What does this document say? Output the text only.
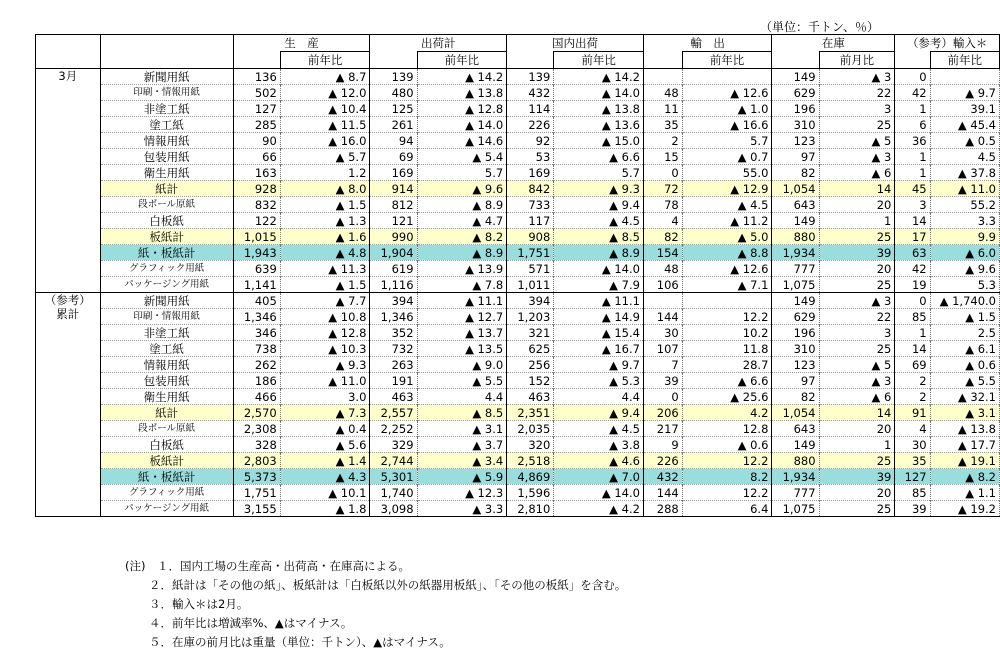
（単位：千トン、％）
		生　産		出荷計		国内出荷		輸　出		在庫		（参考）輸入＊	
			前年比		前年比		前年比		前年比		前月比		前年比

3月	新聞用紙	136	▲ 8.7	139	▲ 14.2	139	▲ 14.2			149	▲ 3	0	
	印刷・情報用紙	502	▲ 12.0	480	▲ 13.8	432	▲ 14.0	48	▲ 12.6	629	22	42	▲ 9.7
	非塗工紙	127	▲ 10.4	125	▲ 12.8	114	▲ 13.8	11	▲ 1.0	196	3	1	39.1
	塗工紙	285	▲ 11.5	261	▲ 14.0	226	▲ 13.6	35	▲ 16.6	310	25	6	▲ 45.4
	情報用紙	90	▲ 16.0	94	▲ 14.6	92	▲ 15.0	2	5.7	123	▲ 5	36	▲ 0.5
	包装用紙	66	▲ 5.7	69	▲ 5.4	53	▲ 6.6	15	▲ 0.7	97	▲ 3	1	4.5
	衛生用紙	163	1.2	169	5.7	169	5.7	0	55.0	82	▲ 6	1	▲ 37.8
	紙計	928	▲ 8.0	914	▲ 9.6	842	▲ 9.3	72	▲ 12.9	1,054	14	45	▲ 11.0
	段ボール原紙	832	▲ 1.5	812	▲ 8.9	733	▲ 9.4	78	▲ 4.5	643	20	3	55.2
	白板紙	122	▲ 1.3	121	▲ 4.7	117	▲ 4.5	4	▲ 11.2	149	1	14	3.3
	板紙計	1,015	▲ 1.6	990	▲ 8.2	908	▲ 8.5	82	▲ 5.0	880	25	17	9.9
	紙・板紙計	1,943	▲ 4.8	1,904	▲ 8.9	1,751	▲ 8.9	154	▲ 8.8	1,934	39	63	▲ 6.0
	グラフィック用紙	639	▲ 11.3	619	▲ 13.9	571	▲ 14.0	48	▲ 12.6	777	20	42	▲ 9.6
	パッケージング用紙	1,141	▲ 1.5	1,116	▲ 7.8	1,011	▲ 7.9	106	▲ 7.1	1,075	25	19	5.3

（参考）
累計	新聞用紙	405	▲ 7.7	394	▲ 11.1	394	▲ 11.1			149	▲ 3	0	▲ 1,740.0
	印刷・情報用紙	1,346	▲ 10.8	1,346	▲ 12.7	1,203	▲ 14.9	144	12.2	629	22	85	▲ 1.5
	非塗工紙	346	▲ 12.8	352	▲ 13.7	321	▲ 15.4	30	10.2	196	3	1	2.5
	塗工紙	738	▲ 10.3	732	▲ 13.5	625	▲ 16.7	107	11.8	310	25	14	▲ 6.1
	情報用紙	262	▲ 9.3	263	▲ 9.0	256	▲ 9.7	7	28.7	123	▲ 5	69	▲ 0.6
	包装用紙	186	▲ 11.0	191	▲ 5.5	152	▲ 5.3	39	▲ 6.6	97	▲ 3	2	▲ 5.5
	衛生用紙	466	3.0	463	4.4	463	4.4	0	▲ 25.6	82	▲ 6	2	▲ 32.1
	紙計	2,570	▲ 7.3	2,557	▲ 8.5	2,351	▲ 9.4	206	4.2	1,054	14	91	▲ 3.1
	段ボール原紙	2,308	▲ 0.4	2,252	▲ 3.1	2,035	▲ 4.5	217	12.8	643	20	4	▲ 13.8
	白板紙	328	▲ 5.6	329	▲ 3.7	320	▲ 3.8	9	▲ 0.6	149	1	30	▲ 17.7
	板紙計	2,803	▲ 1.4	2,744	▲ 3.4	2,518	▲ 4.6	226	12.2	880	25	35	▲ 19.1
	紙・板紙計	5,373	▲ 4.3	5,301	▲ 5.9	4,869	▲ 7.0	432	8.2	1,934	39	127	▲ 8.2
	グラフィック用紙	1,751	▲ 10.1	1,740	▲ 12.3	1,596	▲ 14.0	144	12.2	777	20	85	▲ 1.1
	パッケージング用紙	3,155	▲ 1.8	3,098	▲ 3.3	2,810	▲ 4.2	288	6.4	1,075	25	39	▲ 19.2
(注)　１．国内工場の生産高・出荷高・在庫高による。
２．紙計は「その他の紙」、板紙計は「白板紙以外の紙器用板紙」、「その他の板紙」を含む。
３．輸入＊は2月。
４．前年比は増減率%、▲はマイナス。
５．在庫の前月比は重量（単位：千トン）、▲はマイナス。
